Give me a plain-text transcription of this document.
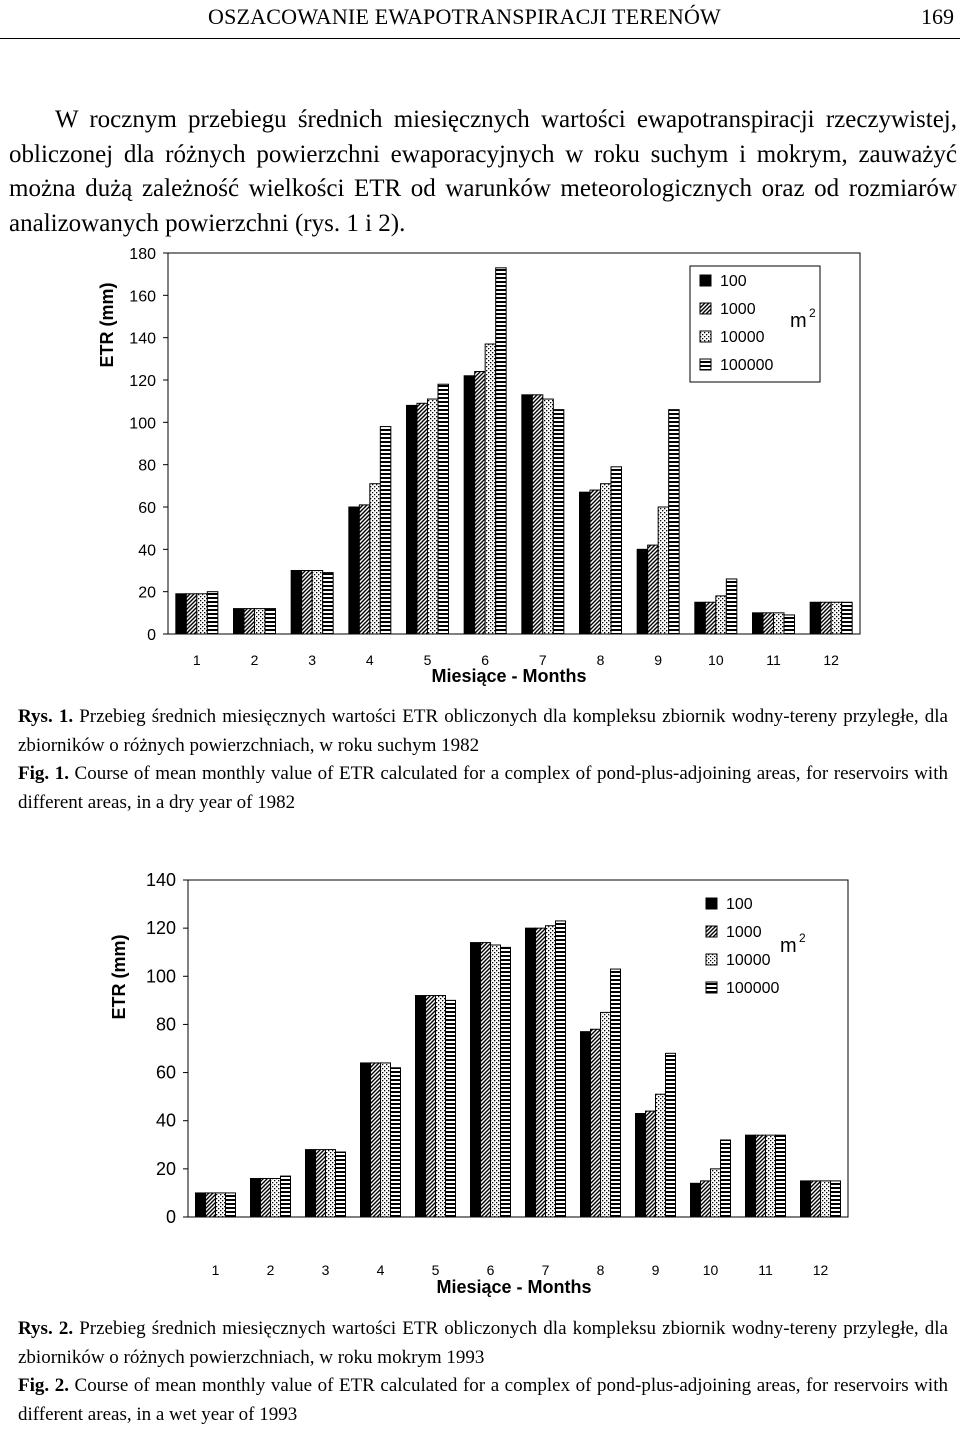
OSZACOWANIE EWAPOTRANSPIRACJI TERENÓW	169

W rocznym przebiegu średnich miesięcznych wartości ewapotranspiracji rzeczywistej, obliczonej dla różnych powierzchni ewaporacyjnych w roku suchym i mokrym, zauważyć można dużą zależność wielkości ETR od warunków meteorologicznych oraz od rozmiarów analizowanych powierzchni (rys. 1 i 2).

0
20
40
60
80
100
120
140
160
180
ETR (mm)
1	2	3	4	5	6	7	8	9	10	11	12
Miesiące - Months
100
1000
10000
100000
m 2
Rys. 1. Przebieg średnich miesięcznych wartości ETR obliczonych dla kompleksu zbiornik wodny-tereny przyległe, dla zbiorników o różnych powierzchniach, w roku suchym 1982
Fig. 1. Course of mean monthly value of ETR calculated for a complex of pond-plus-adjoining areas, for reservoirs with different areas, in a dry year of 1982
0
20
40
60
80
100
120
140
ETR (mm)
1	2	3	4	5	6	7	8	9	10	11	12
Miesiące - Months
100
1000
10000
100000
m 2
Rys. 2. Przebieg średnich miesięcznych wartości ETR obliczonych dla kompleksu zbiornik wodny-tereny przyległe, dla zbiorników o różnych powierzchniach, w roku mokrym 1993
Fig. 2. Course of mean monthly value of ETR calculated for a complex of pond-plus-adjoining areas, for reservoirs with different areas, in a wet year of 1993
